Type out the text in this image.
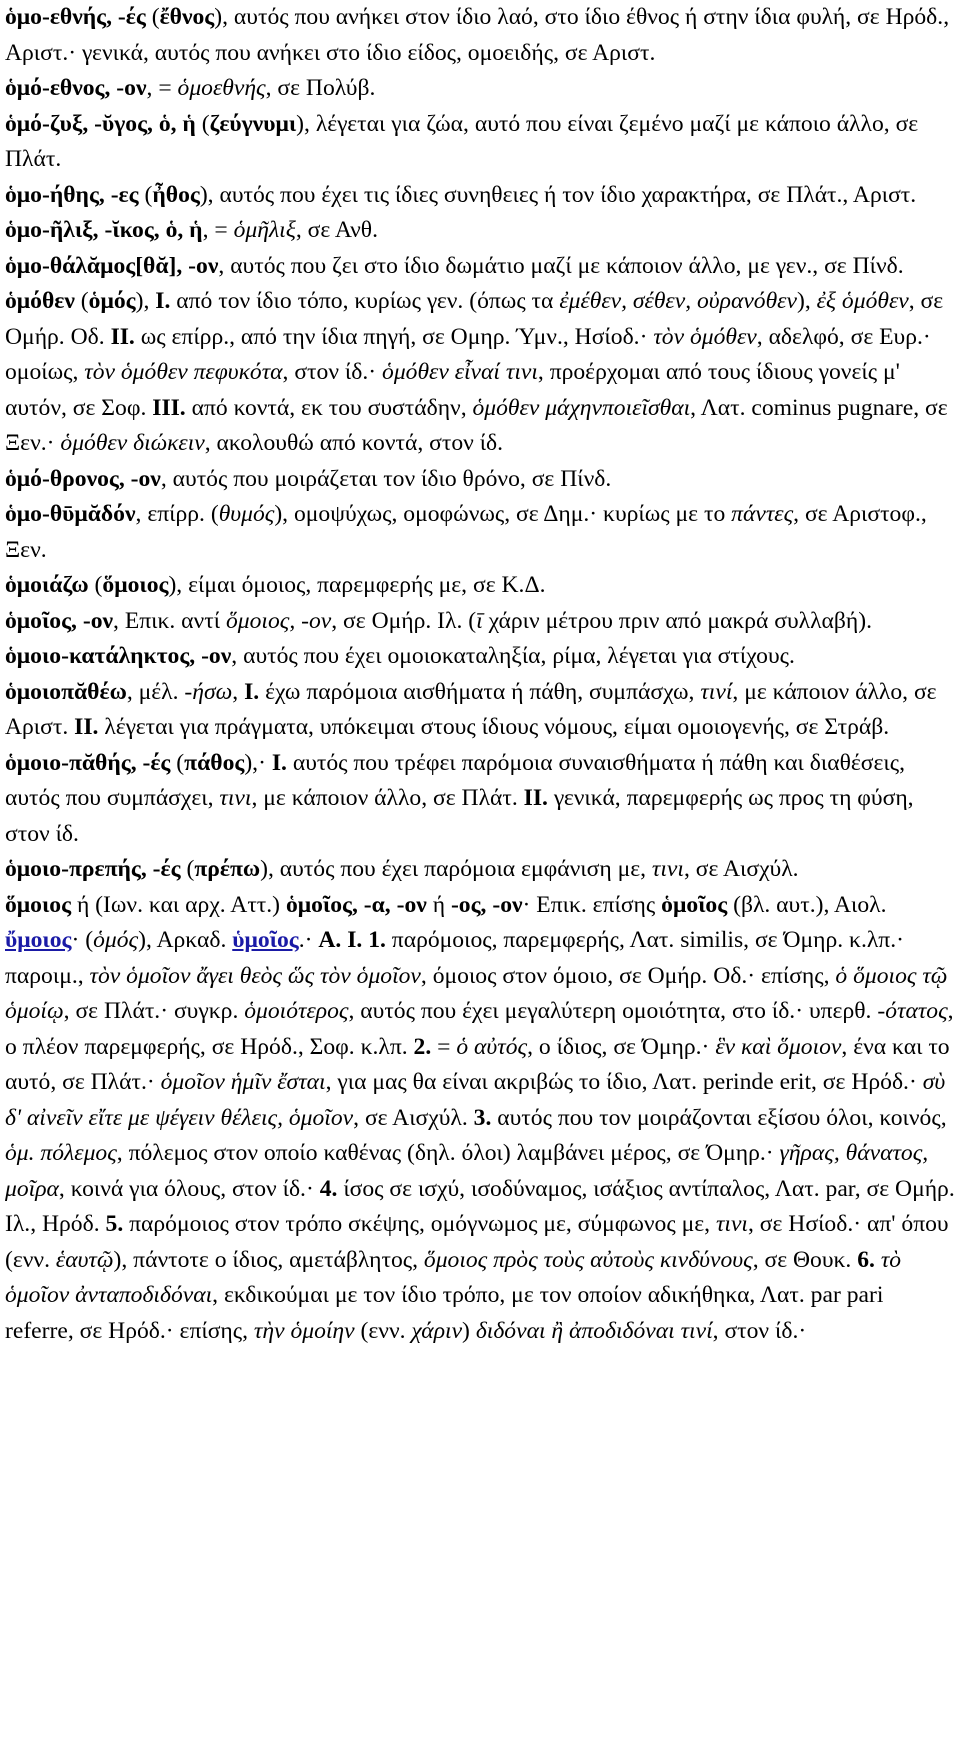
ὁμο-εθνής, -ές (ἔθνος), αυτός που ανήκει στον ίδιο λαό, στο ίδιο έθνος ή στην ίδια φυλή, σε Ηρόδ., Αριστ.· γενικά, αυτός που ανήκει στο ίδιο είδος, ομοειδής, σε Αριστ.

ὁμό-εθνος, -ον, = ὁμοεθνής, σε Πολύβ.

ὁμό-ζυξ, -ῠγος, ὁ, ἡ (ζεύγνυμι), λέγεται για ζώα, αυτό που είναι ζεμένο μαζί με κάποιο άλλο, σε Πλάτ.

ὁμο-ήθης, -ες (ἦθος), αυτός που έχει τις ίδιες συνηθειες ή τον ίδιο χαρακτήρα, σε Πλάτ., Αριστ.

ὁμο-ῆλιξ, -ῐκος, ὁ, ἡ, = ὁμῆλιξ, σε Ανθ.

ὁμο-θάλᾰμος[θᾰ], -ον, αυτός που ζει στο ίδιο δωμάτιο μαζί με κάποιον άλλο, με γεν., σε Πίνδ.

ὁμόθεν (ὁμός), I. από τον ίδιο τόπο, κυρίως γεν. (όπως τα ἐμέθεν, σέθεν, οὐρανόθεν), ἐξ ὁμόθεν, σε Ομήρ. Οδ. II. ως επίρρ., από την ίδια πηγή, σε Ομηρ. Ύμν., Ησίοδ.· τὸν ὁμόθεν, αδελφό, σε Ευρ.· ομοίως, τὸν ὁμόθεν πεφυκότα, στον ίδ.· ὁμόθεν εἶναί τινι, προέρχομαι από τους ίδιους γονείς μ' αυτόν, σε Σοφ. III. από κοντά, εκ του συστάδην, ὁμόθεν μάχηνποιεῖσθαι, Λατ. cominus pugnare, σε Ξεν.· ὁμόθεν διώκειν, ακολουθώ από κοντά, στον ίδ.

ὁμό-θρονος, -ον, αυτός που μοιράζεται τον ίδιο θρόνο, σε Πίνδ.

ὁμο-θῡμᾰδόν, επίρρ. (θυμός), ομοψύχως, ομοφώνως, σε Δημ.· κυρίως με το πάντες, σε Αριστοφ., Ξεν.

ὁμοιάζω (ὅμοιος), είμαι όμοιος, παρεμφερής με, σε Κ.Δ.

ὁμοῖος, -ον, Επικ. αντί ὅμοιος, -ον, σε Ομήρ. Ιλ. (ῑ χάριν μέτρου πριν από μακρά συλλαβή).

ὁμοιο-κατάληκτος, -ον, αυτός που έχει ομοιοκαταληξία, ρίμα, λέγεται για στίχους.

ὁμοιοπᾰθέω, μέλ. -ήσω, I. έχω παρόμοια αισθήματα ή πάθη, συμπάσχω, τινί, με κάποιον άλλο, σε Αριστ. II. λέγεται για πράγματα, υπόκειμαι στους ίδιους νόμους, είμαι ομοιογενής, σε Στράβ.

ὁμοιο-πᾰθής, -ές (πάθος),· I. αυτός που τρέφει παρόμοια συναισθήματα ή πάθη και διαθέσεις, αυτός που συμπάσχει, τινι, με κάποιον άλλο, σε Πλάτ. II. γενικά, παρεμφερής ως προς τη φύση, στον ίδ.

ὁμοιο-πρεπής, -ές (πρέπω), αυτός που έχει παρόμοια εμφάνιση με, τινι, σε Αισχύλ.

ὅμοιος ή (Ιων. και αρχ. Αττ.) ὁμοῖος, -α, -ον ή -ος, -ον· Επικ. επίσης ὁμοῖος (βλ. αυτ.), Αιολ. ὔμοιος· (ὁμός), Αρκαδ. ὑμοῖος.· A. I. 1. παρόμοιος, παρεμφερής, Λατ. similis, σε Όμηρ. κ.λπ.· παροιμ., τὸν ὁμοῖον ἄγει θεὸς ὥς τὸν ὁμοῖον, όμοιος στον όμοιο, σε Ομήρ. Οδ.· επίσης, ὁ ὅμοιος τῷ ὁμοίῳ, σε Πλάτ.· συγκρ. ὁμοιότερος, αυτός που έχει μεγαλύτερη ομοιότητα, στο ίδ.· υπερθ. -ότατος, ο πλέον παρεμφερής, σε Ηρόδ., Σοφ. κ.λπ. 2. = ὁ αὐτός, ο ίδιος, σε Όμηρ.· ἓν καὶ ὅμοιον, ένα και το αυτό, σε Πλάτ.· ὁμοῖον ἡμῖν ἔσται, για μας θα είναι ακριβώς το ίδιο, Λατ. perinde erit, σε Ηρόδ.· σὺ δ' αἰνεῖν εἴτε με ψέγειν θέλεις, ὁμοῖον, σε Αισχύλ. 3. αυτός που τον μοιράζονται εξίσου όλοι, κοινός, ὁμ. πόλεμος, πόλεμος στον οποίο καθένας (δηλ. όλοι) λαμβάνει μέρος, σε Όμηρ.· γῆρας, θάνατος, μοῖρα, κοινά για όλους, στον ίδ.· 4. ίσος σε ισχύ, ισοδύναμος, ισάξιος αντίπαλος, Λατ. par, σε Ομήρ. Ιλ., Ηρόδ. 5. παρόμοιος στον τρόπο σκέψης, ομόγνωμος με, σύμφωνος με, τινι, σε Ησίοδ.· απ' όπου (ενν. ἑαυτῷ), πάντοτε ο ίδιος, αμετάβλητος, ὅμοιος πρὸς τοὺς αὐτοὺς κινδύνους, σε Θουκ. 6. τὸ ὁμοῖον ἀνταποδιδόναι, εκδικούμαι με τον ίδιο τρόπο, με τον οποίον αδικήθηκα, Λατ. par pari referre, σε Ηρόδ.· επίσης, τὴν ὁμοίην (ενν. χάριν) διδόναι ἢ ἀποδιδόναι τινί, στον ίδ.·
